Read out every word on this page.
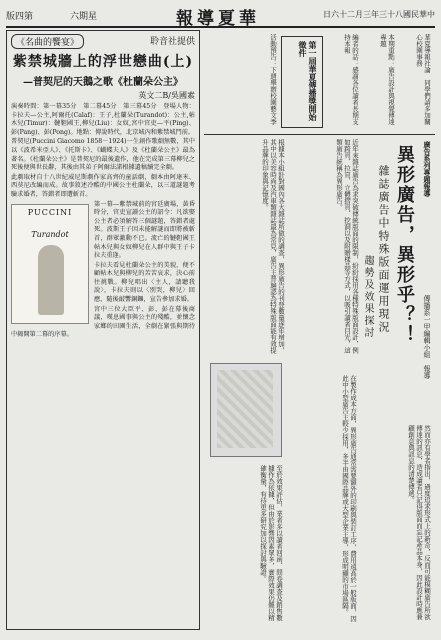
版四第	六期星	報導夏華	日六十二月三年三十八國民華中
《名曲的饗宴》	聆音社提供
紫禁城牆上的浮世戀曲(上)
—普契尼的天鵝之歌《杜蘭朵公主》
英文二B/吳國素

演奏時間：第一幕35分　第二幕45分　第三幕45分　登場人物：卡拉夫—公主,阿爾托(Calaf)：王子,杜蘭朵(Turandot)：公主,帖木兒(Timur)：韃靼國王,柳兒(Liu)：女奴,宮中官吏—平(Ping)、彭(Pang)、彭(Pong)。地點：傳說時代，北京城內和紫禁城門前。

普契尼(Puccini Giacomo 1858－1924)一生創作歌劇無數，其中以《波希米亞人》、《托斯卡》、《蝴蝶夫人》及《杜蘭朵公主》最為著名。《杜蘭朵公主》是普契尼的最後遺作，他在完成第三幕柳兒之死後便與世長辭，其後由其弟子阿爾法諾根據遺稿續完全劇。

此劇取材自十八世紀威尼斯劇作家高齊的童話劇，劇本由阿達米、西莫尼改編而成。故事敘述冷酷的中國公主杜蘭朵，以三道謎題考驗求婚者，答錯者即遭斬首。

PUCCINI
Turandot

第一幕—紫禁城前的宮廷廣場，黃昏時分，官吏宣讀公主的詔令：凡欲娶公主者必須解答三個謎題，答錯者處死。波斯王子因未能解謎而即將被斬首，群眾激動不已。流亡的韃靼國王帖木兒與女奴柳兒在人群中與王子卡拉夫重逢。

卡拉夫看見杜蘭朵公主的美貌，便不顧帖木兒與柳兒的苦苦哀求，決心前往挑戰。柳兒唱出〈主人，請聽我說〉，卡拉夫則以〈別哭，柳兒〉回應，隨後敲響銅鑼，宣告參加求婚。

宮中三位大臣平、彭、彭在幕後商議，嘆息國事與公主的殘酷，並懷念家鄉的田園生活，全劇在緊張與期待中揭開第二幕的序幕。

華夏導報社論　同學們請多加關心校園事務
本期重點：廣告設計與視覺傳達專題
編者的話：感謝各位讀者長期支持本報
第一屆華夏傳播獎開始徵件
活動預告：下週舉辦校園藝文季
廣告系列專題報導
傳播系一甲編輯小組　報導
異形廣告，異形乎？！
雜誌廣告中特殊版面運用現況
趨勢及效果探討
近年來雜誌廣告為求突破傳統版面的限制，紛紛採用各種特殊版面設計，例如跨頁、拉頁、立體摺頁、挖洞以及附贈樣品等方式，以吸引讀者目光，這類廣告統稱為異形廣告。
根據本小組針對國內各大雜誌所做的調查，異形廣告的刊登數量逐年增加，其中以美容時尚及汽車類雜誌最為常見，廣告主普遍認為特殊版面能有效提升品牌的印象與記憶度。
然而亦有學者指出，過度追求形式上的新奇，反而可能模糊廣告所欲傳達的訊息，造成讀者只記得版面而忘記產品本身，因此設計時應兼顧創意與訊息的清楚傳遞。
在製作成本方面，異形廣告通常需要額外的印刷與裝訂工序，費用遠高於一般版面，因此中小型廣告主較少採用，多半由國際品牌或大型企業主導，形成明顯的市場區隔。
至於效果評估，業者多以讀者回函、問卷調查及銷售數據作為依據，但由於影響因素眾多，實際效果仍難以精確衡量，有待更多研究加以探討與驗證。
